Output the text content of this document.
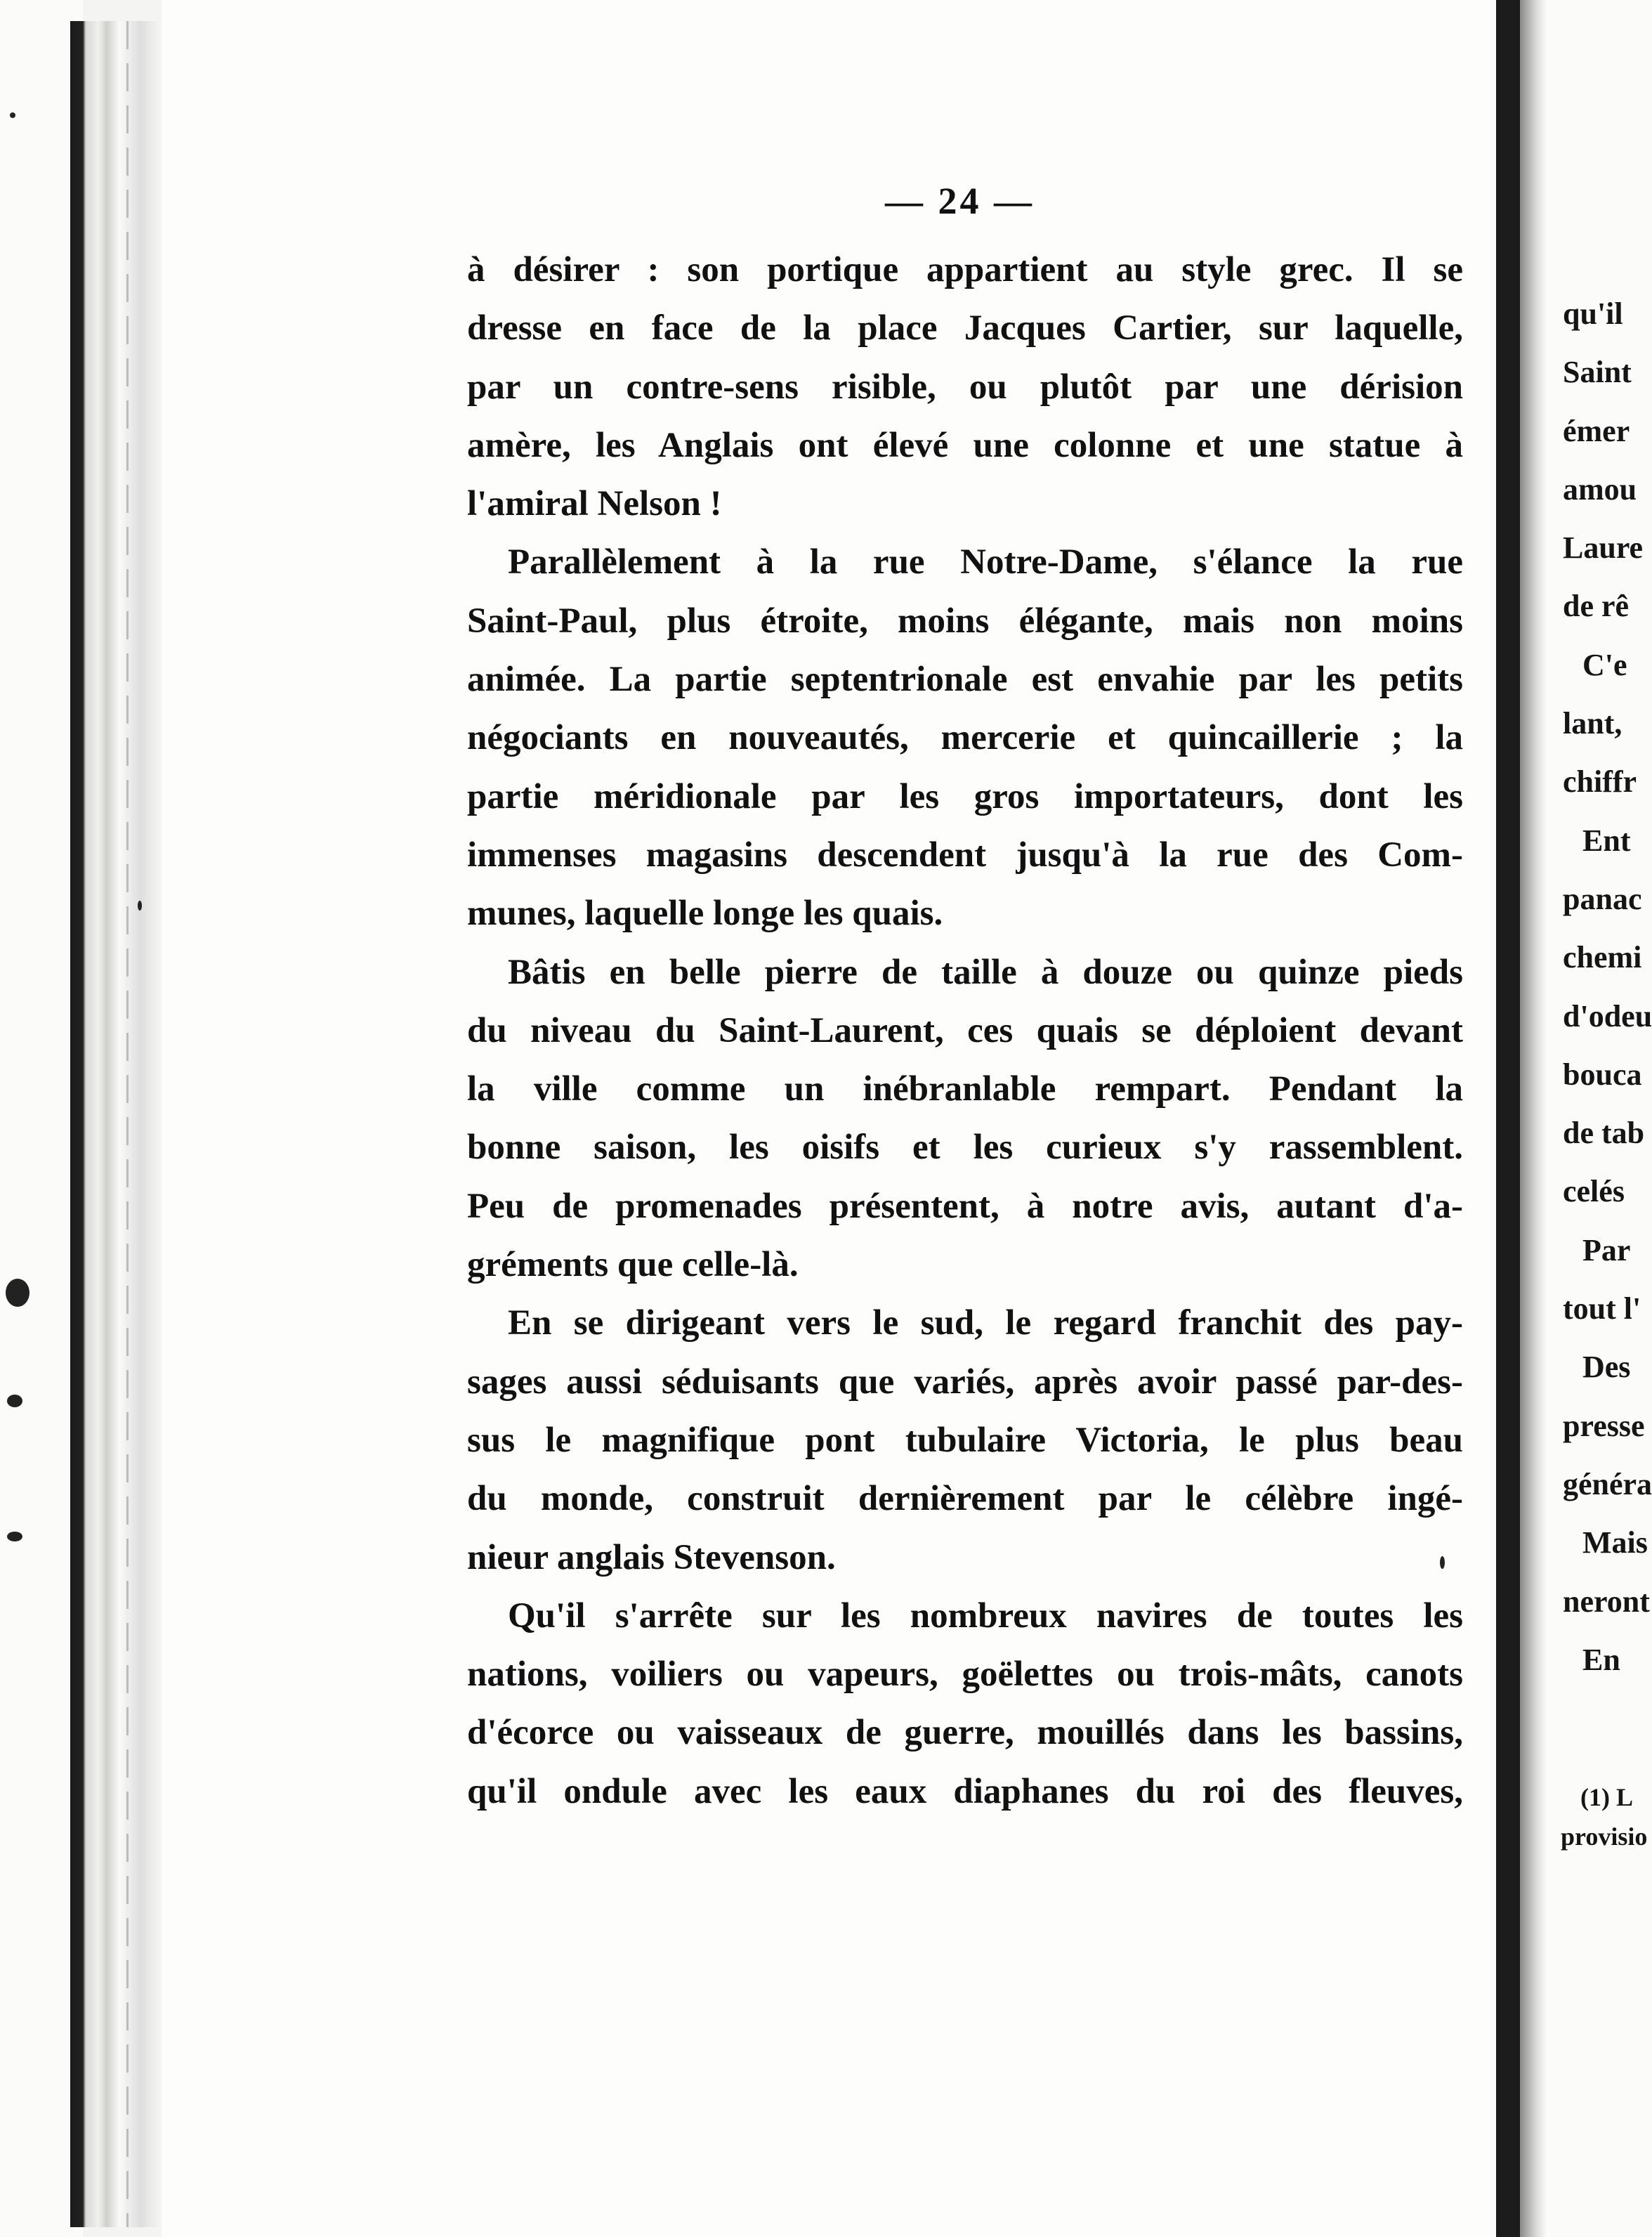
— 24 —
à désirer : son portique appartient au style grec. Il se
dresse en face de la place Jacques Cartier, sur laquelle,
par un contre-sens risible, ou plutôt par une dérision
amère, les Anglais ont élevé une colonne et une statue à
l'amiral Nelson !
Parallèlement à la rue Notre-Dame, s'élance la rue
Saint-Paul, plus étroite, moins élégante, mais non moins
animée. La partie septentrionale est envahie par les petits
négociants en nouveautés, mercerie et quincaillerie ; la
partie méridionale par les gros importateurs, dont les
immenses magasins descendent jusqu'à la rue des Com-
munes, laquelle longe les quais.
Bâtis en belle pierre de taille à douze ou quinze pieds
du niveau du Saint-Laurent, ces quais se déploient devant
la ville comme un inébranlable rempart. Pendant la
bonne saison, les oisifs et les curieux s'y rassemblent.
Peu de promenades présentent, à notre avis, autant d'a-
gréments que celle-là.
En se dirigeant vers le sud, le regard franchit des pay-
sages aussi séduisants que variés, après avoir passé par-des-
sus le magnifique pont tubulaire Victoria, le plus beau
du monde, construit dernièrement par le célèbre ingé-
nieur anglais Stevenson.
Qu'il s'arrête sur les nombreux navires de toutes les
nations, voiliers ou vapeurs, goëlettes ou trois-mâts, canots
d'écorce ou vaisseaux de guerre, mouillés dans les bassins,
qu'il ondule avec les eaux diaphanes du roi des fleuves,
qu'il
Saint
émer
amou
Laure
de rê
C'e
lant,
chiffr
Ent
panac
chemi
d'odeu
bouca
de tab
celés
Par
tout l'
Des
presse
généra
Mais
neront
En
(1) L
provisio
